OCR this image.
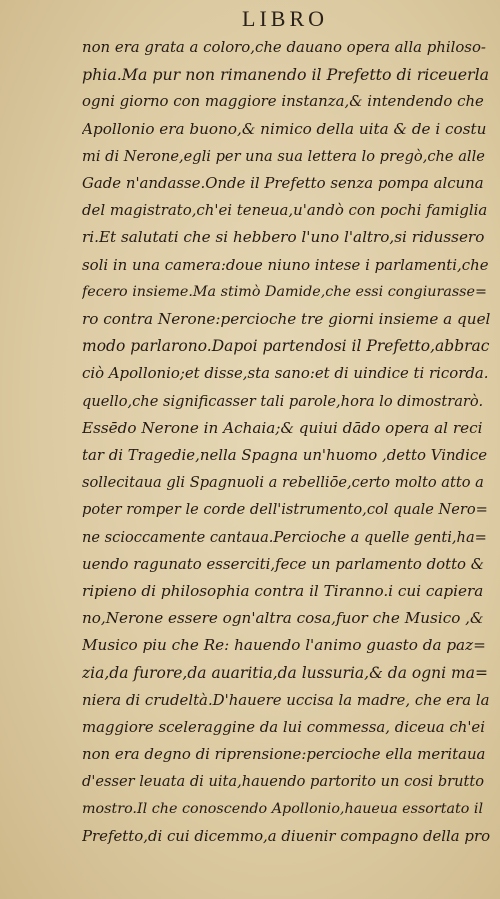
LIBRO
non era grata a coloro,che dauano opera alla philoso-
phia.Ma pur non rimanendo il Prefetto di riceuerla
ogni giorno con maggiore instanza,& intendendo che
Apollonio era buono,& nimico della uita & de i costu
mi di Nerone,egli per una sua lettera lo pregò,che alle
Gade n'andasse.Onde il Prefetto senza pompa alcuna
del magistrato,ch'ei teneua,u'andò con pochi famiglia
ri.Et salutati che si hebbero l'uno l'altro,si ridussero
soli in una camera:doue niuno intese i parlamenti,che
fecero insieme.Ma stimò Damide,che essi congiurasse=
ro contra Nerone:percioche tre giorni insieme a quel
modo parlarono.Dapoi partendosi il Prefetto,abbrac
ciò Apollonio;et disse,sta sano:et di uindice ti ricorda.
quello,che significasser tali parole,hora lo dimostrarò.
Essēdo Nerone in Achaia;& quiui dādo opera al reci
tar di Tragedie,nella Spagna un'huomo ,detto Vindice
sollecitaua gli Spagnuoli a rebelliōe,certo molto atto a
poter romper le corde dell'istrumento,col quale Nero=
ne scioccamente cantaua.Percioche a quelle genti,ha=
uendo ragunato esserciti,fece un parlamento dotto &
ripieno di philosophia contra il Tiranno.i cui capiera
no,Nerone essere ogn'altra cosa,fuor che Musico ,&
Musico piu che Re: hauendo l'animo guasto da paz=
zia,da furore,da auaritia,da lussuria,& da ogni ma=
niera di crudeltà.D'hauere uccisa la madre, che era la
maggiore sceleraggine da lui commessa, diceua ch'ei
non era degno di riprensione:percioche ella meritaua
d'esser leuata di uita,hauendo partorito un cosi brutto
mostro.Il che conoscendo Apollonio,haueua essortato il
Prefetto,di cui dicemmo,a diuenir compagno della pro
